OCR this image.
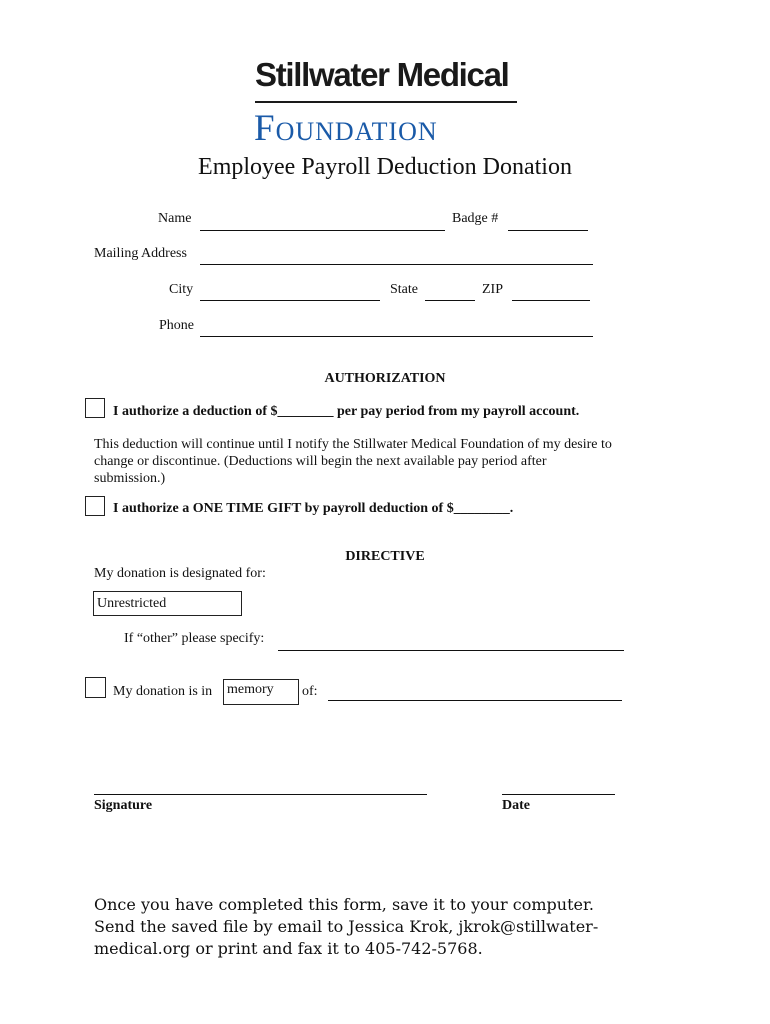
Stillwater Medical
Foundation
Employee Payroll Deduction Donation
Name	Badge #
Mailing Address
City	State	ZIP
Phone
AUTHORIZATION
I authorize a deduction of $________ per pay period from my payroll account.
This deduction will continue until I notify the Stillwater Medical Foundation of my desire to change or discontinue. (Deductions will begin the next available pay period after submission.)
I authorize a ONE TIME GIFT by payroll deduction of $________.
DIRECTIVE
My donation is designated for:
Unrestricted
If “other” please specify:
My donation is in memory	of:
Signature	Date
Once you have completed this form, save it to your computer. Send the saved file by email to Jessica Krok, jkrok@stillwater-medical.org or print and fax it to 405-742-5768.
